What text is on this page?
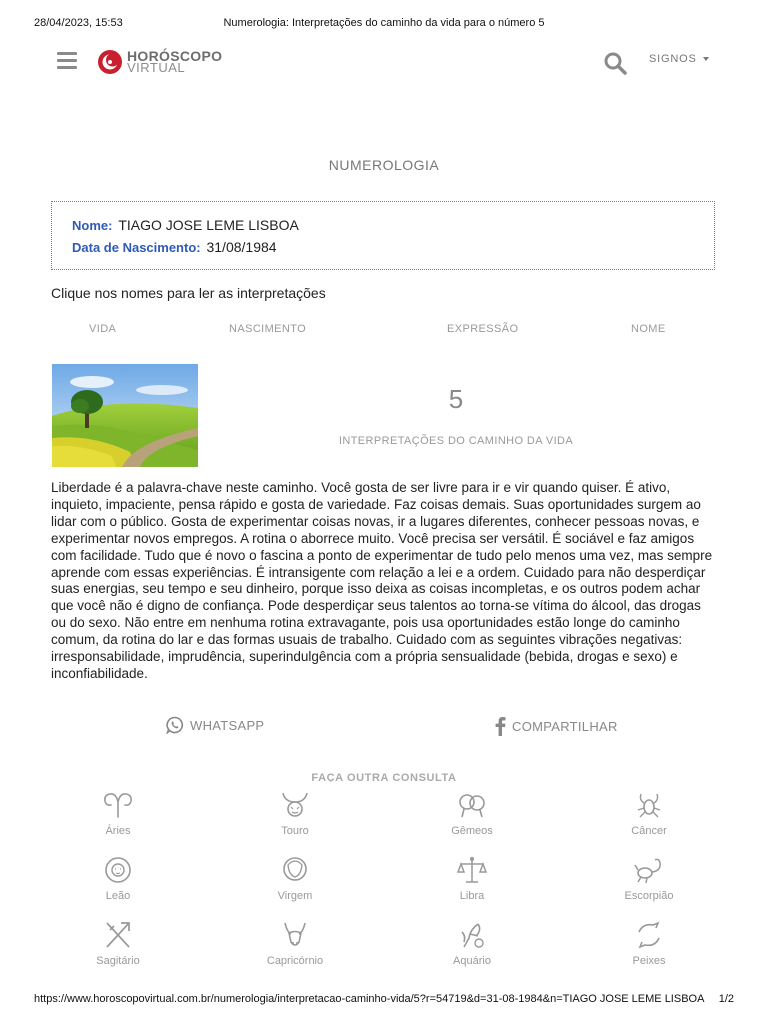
28/04/2023, 15:53	Numerologia: Interpretações do caminho da vida para o número 5
HORÓSCOPO
VIRTUAL
SIGNOS
NUMEROLOGIA
Nome: TIAGO JOSE LEME LISBOA
Data de Nascimento: 31/08/1984
Clique nos nomes para ler as interpretações
VIDA	NASCIMENTO	EXPRESSÃO	NOME
5
INTERPRETAÇÕES DO CAMINHO DA VIDA
Liberdade é a palavra-chave neste caminho. Você gosta de ser livre para ir e vir quando quiser. É ativo, inquieto, impaciente, pensa rápido e gosta de variedade. Faz coisas demais. Suas oportunidades surgem ao lidar com o público. Gosta de experimentar coisas novas, ir a lugares diferentes, conhecer pessoas novas, e experimentar novos empregos. A rotina o aborrece muito. Você precisa ser versátil. É sociável e faz amigos com facilidade. Tudo que é novo o fascina a ponto de experimentar de tudo pelo menos uma vez, mas sempre aprende com essas experiências. É intransigente com relação a lei e a ordem. Cuidado para não desperdiçar suas energias, seu tempo e seu dinheiro, porque isso deixa as coisas incompletas, e os outros podem achar que você não é digno de confiança. Pode desperdiçar seus talentos ao torna-se vítima do álcool, das drogas ou do sexo. Não entre em nenhuma rotina extravagante, pois usa oportunidades estão longe do caminho comum, da rotina do lar e das formas usuais de trabalho. Cuidado com as seguintes vibrações negativas: irresponsabilidade, imprudência, superindulgência com a própria sensualidade (bebida, drogas e sexo) e inconfiabilidade.
WHATSAPP	COMPARTILHAR
FAÇA OUTRA CONSULTA
Áries	Touro	Gêmeos	Câncer
Leão	Virgem	Libra	Escorpião
Sagitário	Capricórnio	Aquário	Peixes
https://www.horoscopovirtual.com.br/numerologia/interpretacao-caminho-vida/5?r=54719&d=31-08-1984&n=TIAGO JOSE LEME LISBOA 1/2
